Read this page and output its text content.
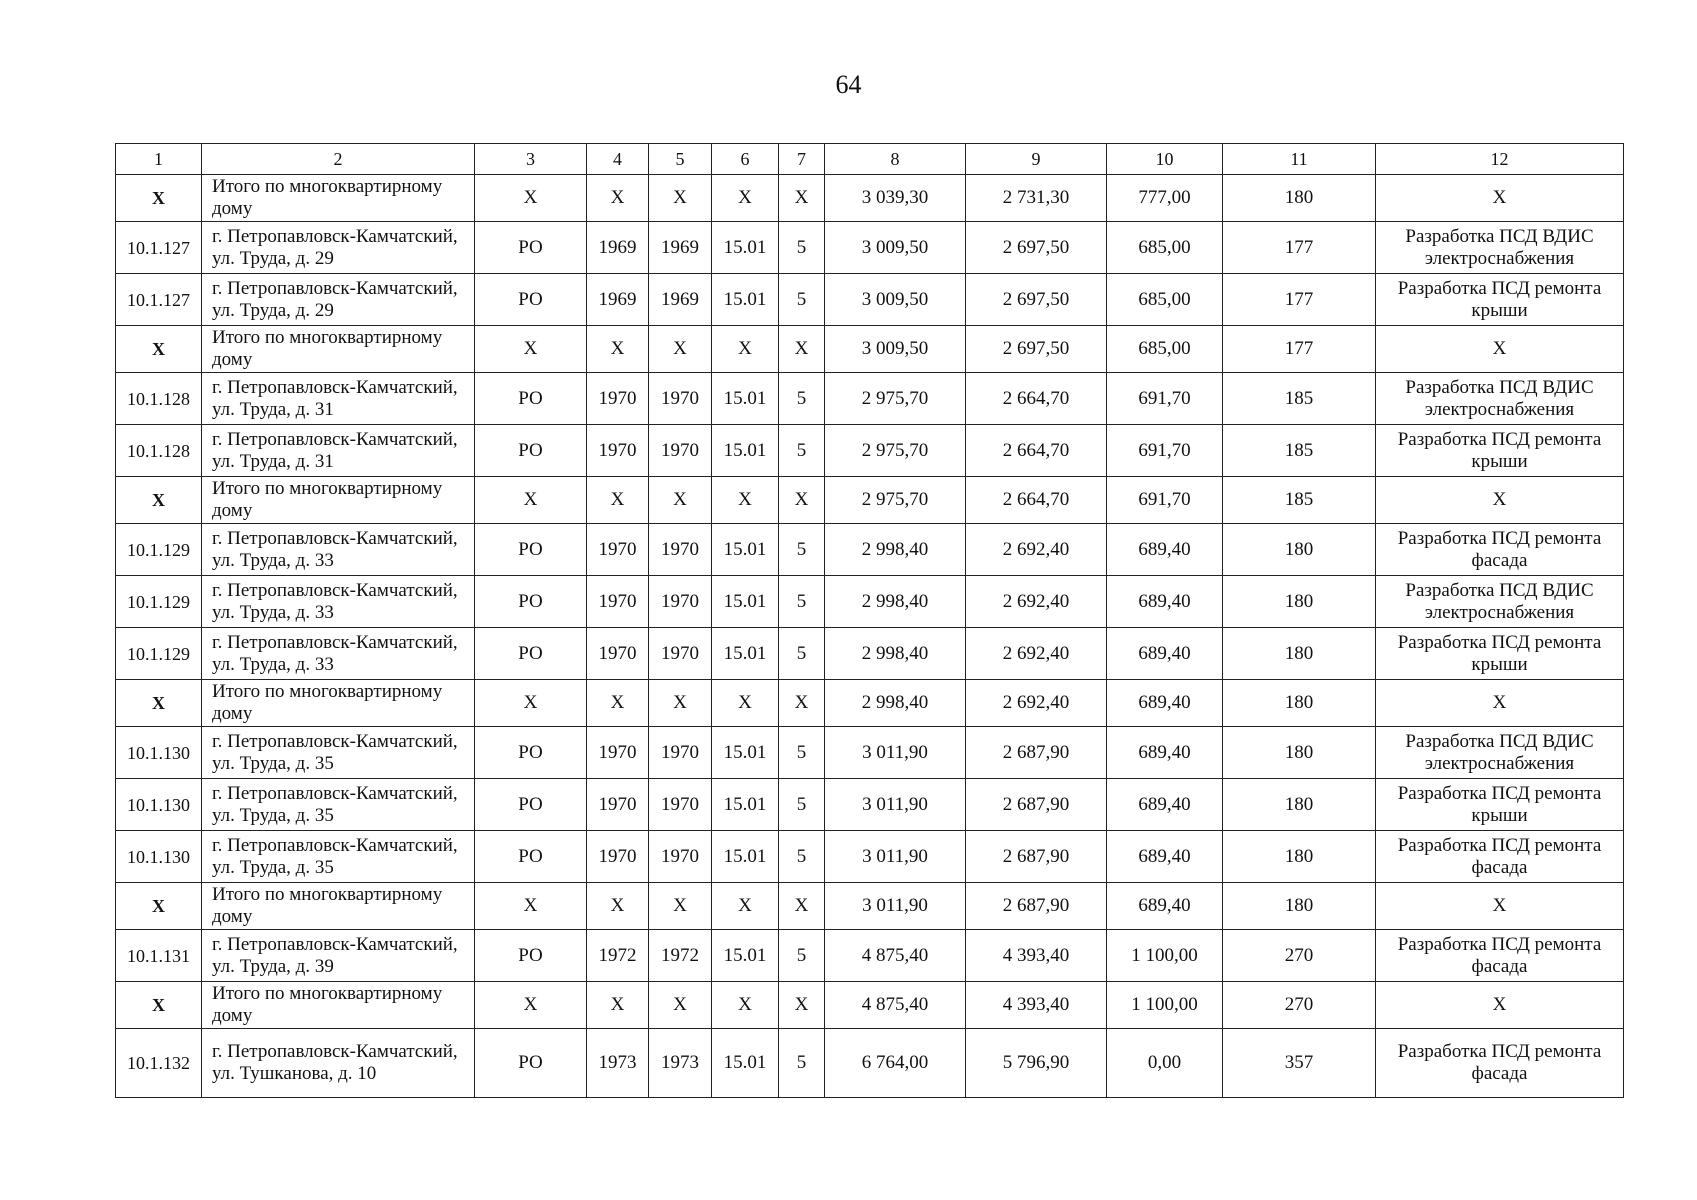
64
1	2	3	4	5	6	7	8	9	10	11	12
X	Итого по многоквартирному дому	X	X	X	X	X	3 039,30	2 731,30	777,00	180	X
10.1.127	г. Петропавловск-Камчатский, ул. Труда, д. 29	РО	1969	1969	15.01	5	3 009,50	2 697,50	685,00	177	Разработка ПСД ВДИС электроснабжения
10.1.127	г. Петропавловск-Камчатский, ул. Труда, д. 29	РО	1969	1969	15.01	5	3 009,50	2 697,50	685,00	177	Разработка ПСД ремонта крыши
X	Итого по многоквартирному дому	X	X	X	X	X	3 009,50	2 697,50	685,00	177	X
10.1.128	г. Петропавловск-Камчатский, ул. Труда, д. 31	РО	1970	1970	15.01	5	2 975,70	2 664,70	691,70	185	Разработка ПСД ВДИС электроснабжения
10.1.128	г. Петропавловск-Камчатский, ул. Труда, д. 31	РО	1970	1970	15.01	5	2 975,70	2 664,70	691,70	185	Разработка ПСД ремонта крыши
X	Итого по многоквартирному дому	X	X	X	X	X	2 975,70	2 664,70	691,70	185	X
10.1.129	г. Петропавловск-Камчатский, ул. Труда, д. 33	РО	1970	1970	15.01	5	2 998,40	2 692,40	689,40	180	Разработка ПСД ремонта фасада
10.1.129	г. Петропавловск-Камчатский, ул. Труда, д. 33	РО	1970	1970	15.01	5	2 998,40	2 692,40	689,40	180	Разработка ПСД ВДИС электроснабжения
10.1.129	г. Петропавловск-Камчатский, ул. Труда, д. 33	РО	1970	1970	15.01	5	2 998,40	2 692,40	689,40	180	Разработка ПСД ремонта крыши
X	Итого по многоквартирному дому	X	X	X	X	X	2 998,40	2 692,40	689,40	180	X
10.1.130	г. Петропавловск-Камчатский, ул. Труда, д. 35	РО	1970	1970	15.01	5	3 011,90	2 687,90	689,40	180	Разработка ПСД ВДИС электроснабжения
10.1.130	г. Петропавловск-Камчатский, ул. Труда, д. 35	РО	1970	1970	15.01	5	3 011,90	2 687,90	689,40	180	Разработка ПСД ремонта крыши
10.1.130	г. Петропавловск-Камчатский, ул. Труда, д. 35	РО	1970	1970	15.01	5	3 011,90	2 687,90	689,40	180	Разработка ПСД ремонта фасада
X	Итого по многоквартирному дому	X	X	X	X	X	3 011,90	2 687,90	689,40	180	X
10.1.131	г. Петропавловск-Камчатский, ул. Труда, д. 39	РО	1972	1972	15.01	5	4 875,40	4 393,40	1 100,00	270	Разработка ПСД ремонта фасада
X	Итого по многоквартирному дому	X	X	X	X	X	4 875,40	4 393,40	1 100,00	270	X
10.1.132	г. Петропавловск-Камчатский, ул. Тушканова, д. 10	РО	1973	1973	15.01	5	6 764,00	5 796,90	0,00	357	Разработка ПСД ремонта фасада
